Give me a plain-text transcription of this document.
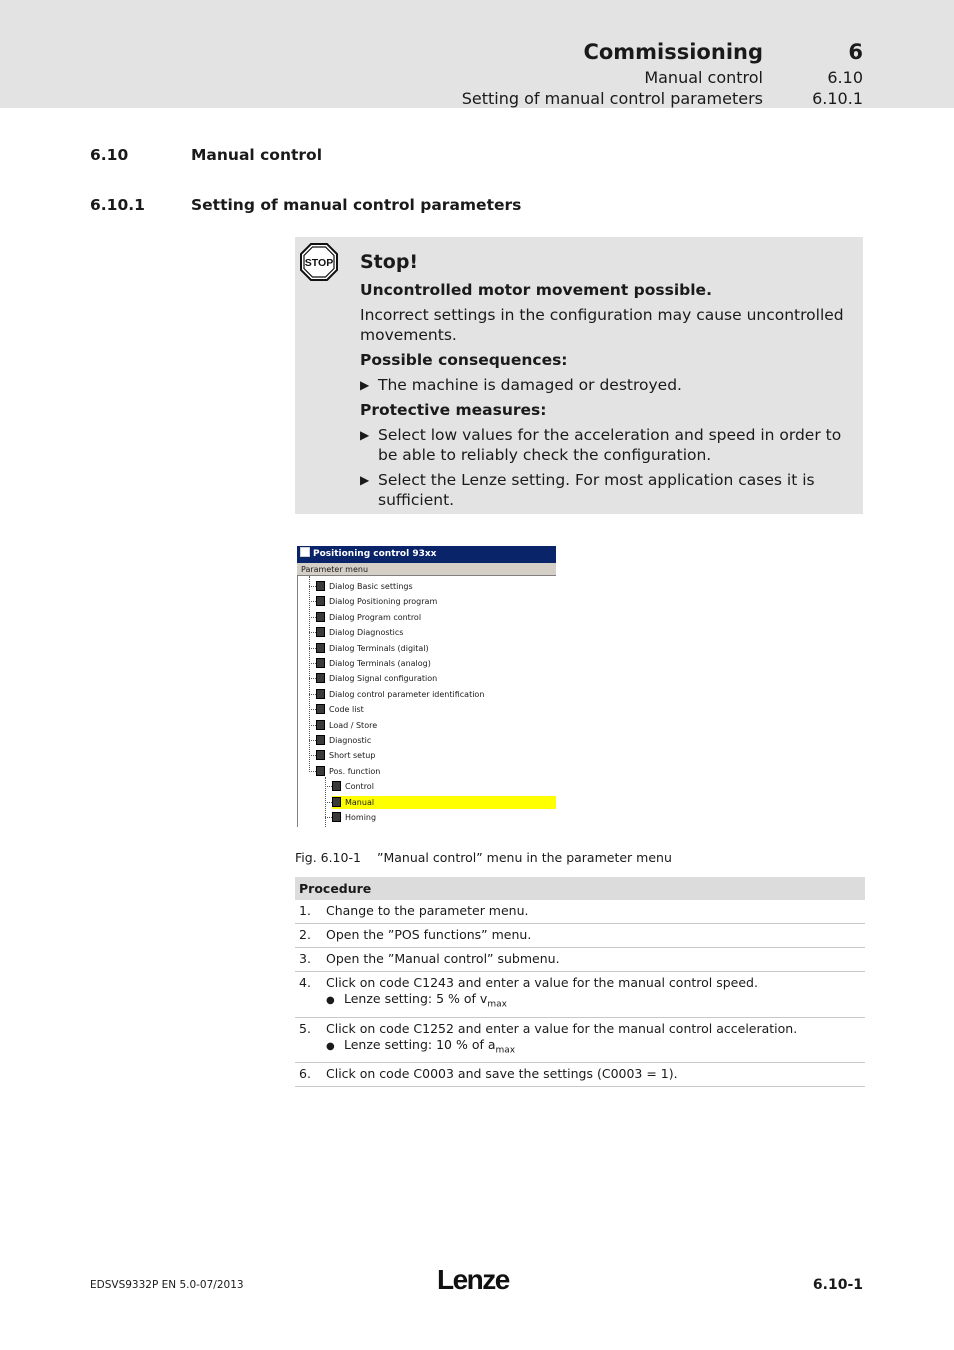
Commissioning	6
Manual control	6.10
Setting of manual control parameters	6.10.1
6.10	Manual control
6.10.1	Setting of manual control parameters
STOP Stop!
Uncontrolled motor movement possible.
Incorrect settings in the configuration may cause uncontrolled movements.
Possible consequences:
▶ The machine is damaged or destroyed.
Protective measures:
▶ Select low values for the acceleration and speed in order to be able to reliably check the configuration.
▶ Select the Lenze setting. For most application cases it is sufficient.
Positioning control 93xx
Parameter menu
Dialog Basic settings
Dialog Positioning program
Dialog Program control
Dialog Diagnostics
Dialog Terminals (digital)
Dialog Terminals (analog)
Dialog Signal configuration
Dialog control parameter identification
Code list
Load / Store
Diagnostic
Short setup
Pos. function
Control
Manual
Homing
Fig. 6.10-1 ”Manual control” menu in the parameter menu
Procedure
1. Change to the parameter menu.
2. Open the ”POS functions” menu.
3. Open the ”Manual control” submenu.
4. Click on code C1243 and enter a value for the manual control speed.
● Lenze setting: 5 % of $v_{max}$
5. Click on code C1252 and enter a value for the manual control acceleration.
● Lenze setting: 10 % of $a_{max}$
6. Click on code C0003 and save the settings (C0003 = 1).
EDSVS9332P EN 5.0-07/2013	Lenze	6.10-1
